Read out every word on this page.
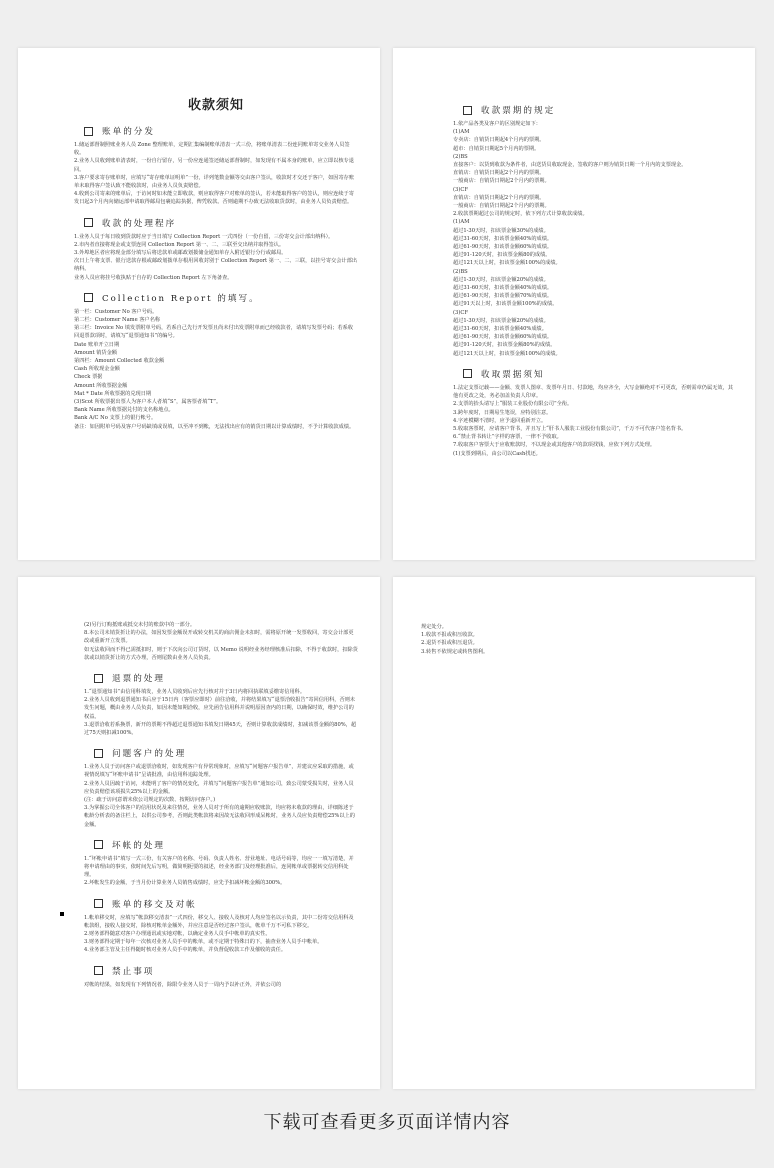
收款须知
账单的分发

1.储运部督制照账业务人员 Zone 整理账单，定期汇集编制账单清表一式三份，将账单清表二份连同账单寄交业务人员签收。

2.业务人员收到账单清表时，一份自行留存，另一份应连通签还储运部督制时，如发现有不属本身的账单，应立即以核专退回。

3.客户要求寄存账单时，应填写“寄存账单证明单”一份，详列笔数金额等交由客户签认，收款时才交还于客户，如因寄存账单未取得客户签认致不能收款时，由业务人员负责赔偿。

4.收到公司寄来的账单后，于访问时如未能立即收款，则应取得客户对账单的签认，若未能取得客户的签认，则应连续于寄发日起3个月内向储运部申请取得邮局包裹追踪执据，俾凭收款。否则逾期不办致无法收取货款时，由业务人员负责赔偿。

收款的处理程序

1.业务人员于每日收到货款时应于当日填写 Collection Report 一式四份（一份自留，三份寄交会计部出纳科）。

2.市内者直接将现金或支票连同 Collection Report 第一、二、三联至交出纳并取得签认。

3.外埠地区者应将现金部分填写后将送款单或邮政划拨储金通知单存入附近银行分行或邮局。

次日上午将支票、银行送款存根或邮政划拨单存根用回收封别于 Collection Report 第一、二、三联，以挂号寄交会计部出纳科。

业务人员应将挂号收执贴于自存的 Collection Report 左下角备查。

Collection Report 的填写。

第一栏：Customer No 客户号码。

第二栏：Customer Name 客户名称

第三栏：Invoice No 填发票附单号码，若系自己先行开发票且尚未付出发票附单而已经收款者，请填写发票号码；若系收回退票款项时，请填写“退票通知书”的编号。

Date 账单开立日期

Amount 销货金额

第四栏：Amount Collected 收款金额

Cash 所收现金金额

Check 票据

Amount 所收票据金额

Mat * Date 所收票据的兑现日期

(3)Scot 所收票据出票人为客户本人者填“S”，属客票者填“T”。

Bank Name 所收票据兑付的支名称地点。

Bank A/C No 支票上的银行帐号。

备注：如因附单号码及客户号码缺填或误填，以至冲不到帐，无法找出应有的销货日期以计算成绩时，不予计算收款成绩。

收款票期的规定

1.依产品各类及客户的区别规定如下：

(1)AM

专卖店：自销货日期起4个月内的票期。

超市：自销货日期起5个月内的票期。

(2)BS

直接客户：以货到收款为条件者，由送货员收取现金，签收的客户则为销货日期一个月内的支票现金。

直销店：自销货日期起2个月内的票期。

一般商店：自销货日期起2个月内的票期。

(3)CF

直销店：自销货日期起2个月内的票期。

一般商店：自销货日期起2个月内的票期。

2.收款票期超过公司的规定时，依下列方式计算收款成绩。

(1)AM

超过1-30天时，扣该票金额30%的成绩。

超过31-60天时，扣该票金额40%的成绩。

超过61-90天时，扣该票金额60%的成绩。

超过91-120天时，扣该票金额80的成绩。

超过121天以上时，扣该票金额100%的成绩。

(2)BS

超过1-30天时，扣该票金额20%的成绩。

超过31-60天时，扣该票金额40%的成绩。

超过61-90天时，扣该票金额70%的成绩。

超过91天以上时，扣该票金额100%的成绩。

(3)CF

超过1-30天时，扣该票金额20%的成绩。

超过31-60天时，扣该票金额40%成绩。

超过61-90天时，扣该票金额60%的成绩。

超过91-120天时，扣该票金额80%的成绩。

超过121天以上时，扣该票金额100%的成绩。

收取票据须知

1.法定支票记载——金额、发票人图章、发票年月日、付款地，均应齐全，大写金额绝对不可更改，否则需章仍属无效，其他有更改之处，务必加盖负责人印章。

2.支票的抬头请写上“服装工业股份有限公司”全衔。

3.跨年度时，日期易生笔误，应特别注意。

4.字迹模糊不清时，应予退回重新开立。

5.收取客票时，应请客户背书，并且写上“肝书人服装工业股份有限公司”，千万不可代客户签名背书。

6.“禁止背书转让”字样的客票，一律不予收取。

7.收取客户客票大于应收账款时，不以现金或其他客户的款项找钱，应依下列方式处理。

(1)支票到期后，由公司以Cash找还。

(2)另行订购抵账或抵交未付的账款中的一部分。

8.本公司未销货折让的办法，如因发票金额误开或转交机关的商店佣金未扣时，需将原开统一发票收回，寄交会计部更改或重新开立发票。

如无法收回而不得已需抵扣时，则于下次向公司订货时，以 Memo 说明经业务经理核准后扣除，不得于收款时，扣除货款或以销货折让的方式办理，否则尾数由业务人员负责。

退票的处理

1.“退票通知书”由信用科填发，业务人员收到后应先行核对并于3日内将回执联填妥缴寄信用科。

2.业务人员收到退票通知书后应于15日内（客票应即时）前往洽收，并将结果填写“退票洽收报告”寄回信用科，否则未发生问题，概由业务人员负责，如因未能如期洽收，应先函告信用科并说明原因查内的日期，以确保时效，维护公司的权益。

3.退票洽收若系换票，新开的票期不得超过退票通知书填发日期45天，否则计算收款成绩时，扣减该票金额的80%，超过75天则扣减100%。

问题客户的处理

1.业务人员于访问客户或退票洽收时，如发现客户有异常现象时，应填写“问题客户报告单”，并建议应采取的措施，或视情况填写“坏账申请书”呈请批准，由信用科追踪处理。

2.业务人员因疏于访问，未能明了客户的情况变化，并填写“问题客户报告单”通知公司，致公司蒙受损失时，业务人员应负责赔偿该项损失25%以上的金额。

(注：疏于访问意谓未依公司规定的次数、按期访问客户。)

3.为掌握公司全体客户的信用状况及来往情况，业务人员对于所有的逾期应收账款，均应将未收款的理由，详细陈述于帐龄分析表的备注栏上，以供公司参考，否则此类帐款将来因故无法收回形成呆帐时，业务人员应负责赔偿25%以上的金额。

坏帐的处理

1.“坏帐申请书”填写一式三份，有关客户的名称、号码、负责人姓名、营业地址、电话号码等，均应一一填写清楚，并将申请理由的事实，依时间先后写明，做简明扼要的叙述，经业务部门及经理批准后，连同帐单或票据转交信用科处理。

2.坏帐发生的金额，于当月份计算业务人员销售成绩时，应先予扣减坏帐金额的300%。

账单的移交及对帐

1.帐单移交时，应填写“帐款移交清表”一式四份，移交人、接收人及核对人均应签名以示负责，其中二份寄交信用科及帐款组，接收人接交时，除核对帐单金额外，并应注意是否经过客户签认，帐单千万不可私下移交。

2.财务部得随意对客户办理通讯或实地对帐，以确定业务人员手中帐单的真实性。

3.财务部得定期于每年一次核对业务人员手中的帐单，或不定期于特殊日的下，抽查业务人员手中帐单。

4.业务部主管及主任得随时核对业务人员手中的帐单，并负督促收款工作及催收的责任。

禁止事项

对帐的结果，如发现有下列情况者，除限令业务人员于一周内予以补正外，并依公司的

规定处分。

1.收款不报或积压收款。

2.退货不报或积压退货。

3.转售不依规定或转售图利。

下载可查看更多页面详情内容
